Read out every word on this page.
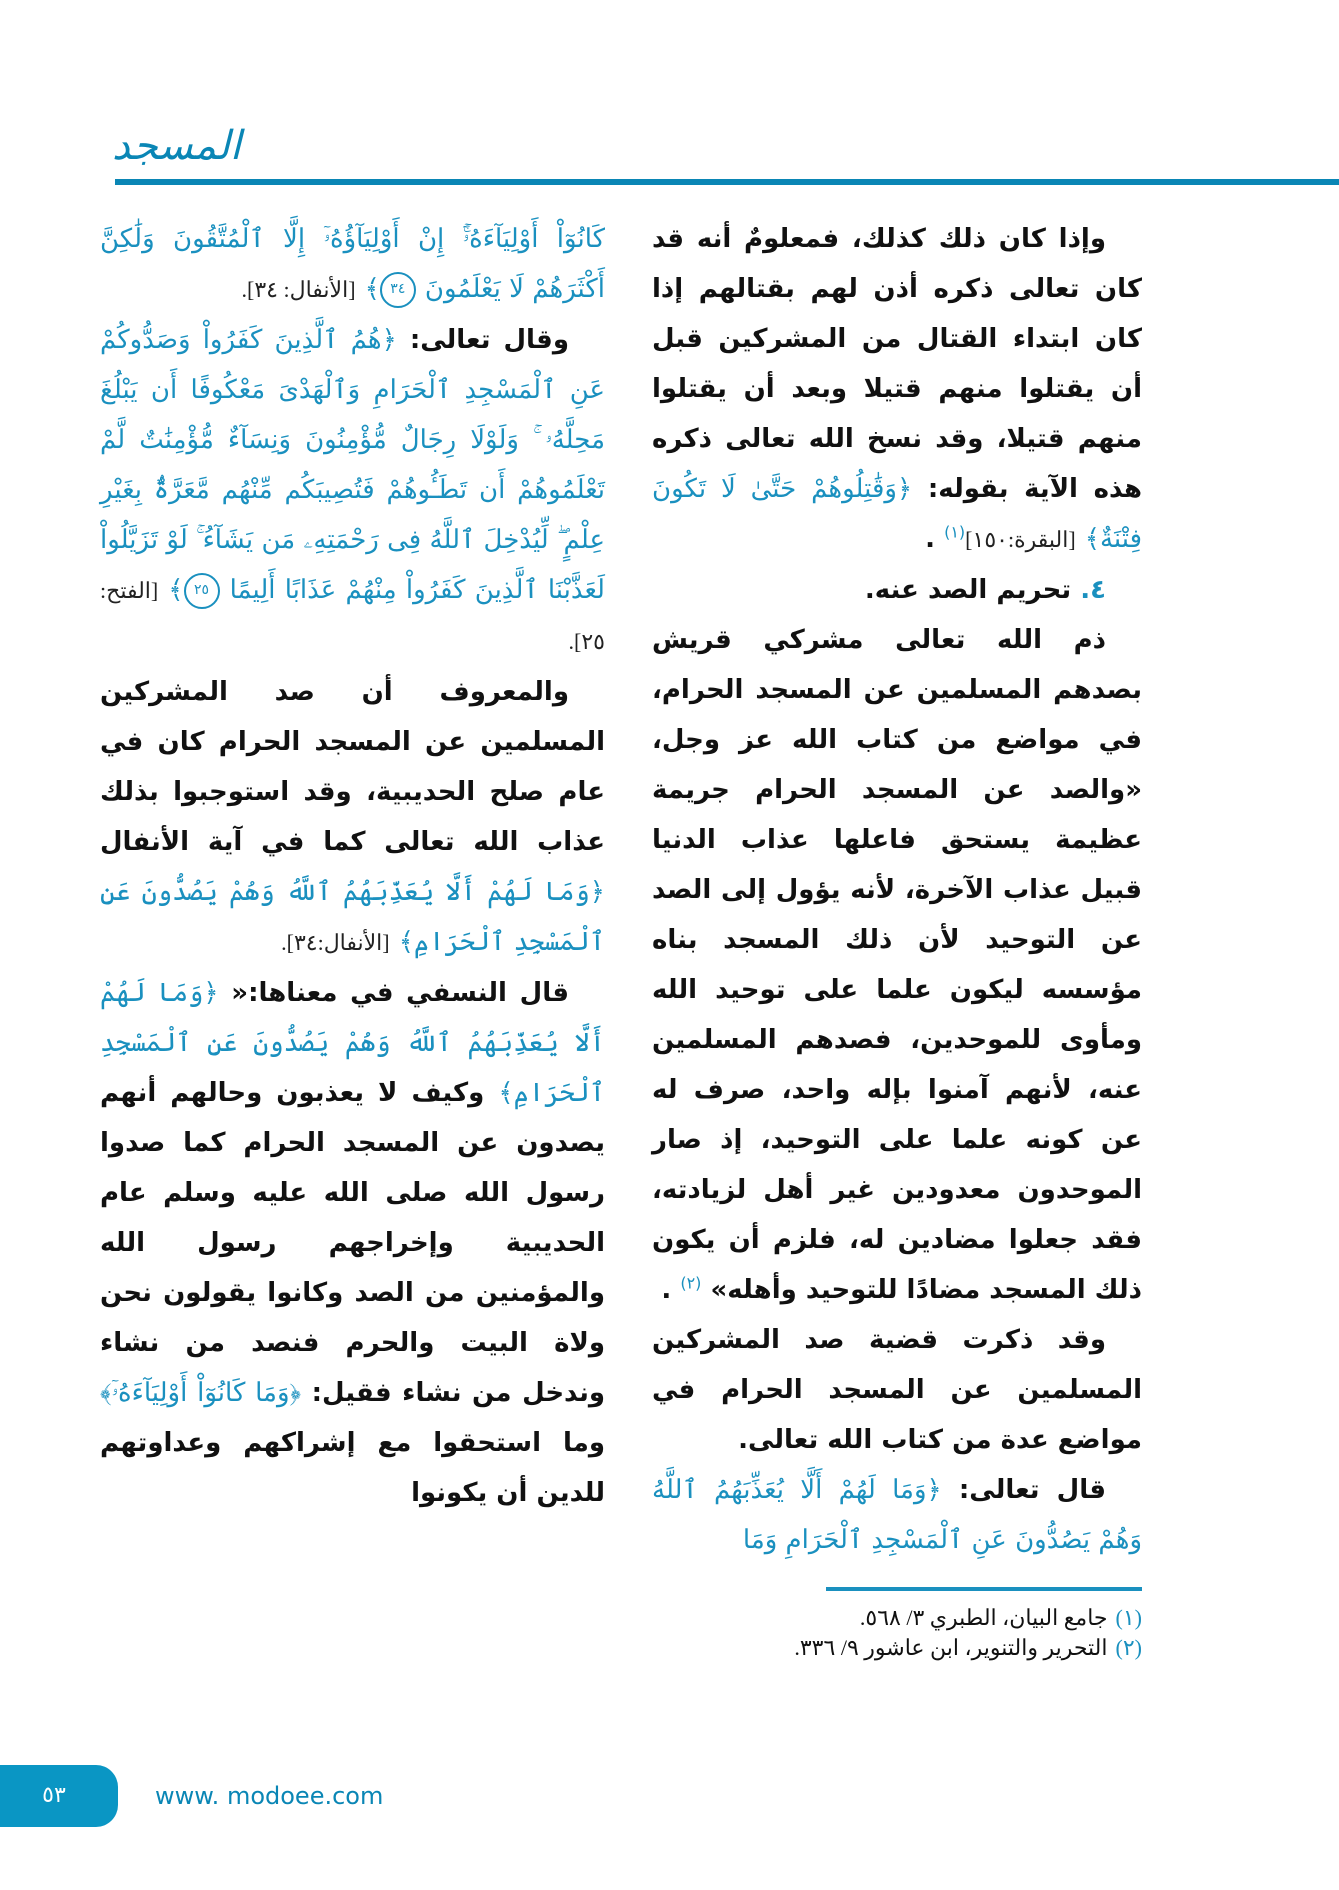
المسجد

وإذا كان ذلك كذلك، فمعلومٌ أنه قد كان تعالى ذكره أذن لهم بقتالهم إذا كان ابتداء القتال من المشركين قبل أن يقتلوا منهم قتيلا وبعد أن يقتلوا منهم قتيلا، وقد نسخ الله تعالى ذكره هذه الآية بقوله: ﴿وَقَٰتِلُوهُمْ حَتَّىٰ لَا تَكُونَ فِتْنَةٌ﴾ [البقرة:١٥٠]$^{(١)}$ .

٤. تحريم الصد عنه.

ذم الله تعالى مشركي قريش بصدهم المسلمين عن المسجد الحرام، في مواضع من كتاب الله عز وجل، «والصد عن المسجد الحرام جريمة عظيمة يستحق فاعلها عذاب الدنيا قبيل عذاب الآخرة، لأنه يؤول إلى الصد عن التوحيد لأن ذلك المسجد بناه مؤسسه ليكون علما على توحيد الله ومأوى للموحدين، فصدهم المسلمين عنه، لأنهم آمنوا بإله واحد، صرف له عن كونه علما على التوحيد، إذ صار الموحدون معدودين غير أهل لزيادته، فقد جعلوا مضادين له، فلزم أن يكون ذلك المسجد مضادًا للتوحيد وأهله» $^{(٢)}$ .

وقد ذكرت قضية صد المشركين المسلمين عن المسجد الحرام في مواضع عدة من كتاب الله تعالى.

قال تعالى: ﴿وَمَا لَهُمْ أَلَّا يُعَذِّبَهُمُ ٱللَّهُ وَهُمْ يَصُدُّونَ عَنِ ٱلْمَسْجِدِ ٱلْحَرَامِ وَمَا

(١)جامع البيان، الطبري ٣/ ٥٦٨.
(٢)التحرير والتنوير، ابن عاشور ٩/ ٣٣٦.

كَانُوٓاْ أَوْلِيَآءَهُۥٓۚ إِنْ أَوْلِيَآؤُهُۥٓ إِلَّا ٱلْمُتَّقُونَ وَلَٰكِنَّ أَكْثَرَهُمْ لَا يَعْلَمُونَ ٣٤﴾ [الأنفال: ٣٤].

وقال تعالى: ﴿هُمُ ٱلَّذِينَ كَفَرُواْ وَصَدُّوكُمْ عَنِ ٱلْمَسْجِدِ ٱلْحَرَامِ وَٱلْهَدْىَ مَعْكُوفًا أَن يَبْلُغَ مَحِلَّهُۥ ۚ وَلَوْلَا رِجَالٌ مُّؤْمِنُونَ وَنِسَآءٌ مُّؤْمِنَٰتٌ لَّمْ تَعْلَمُوهُمْ أَن تَطَـُٔوهُمْ فَتُصِيبَكُم مِّنْهُم مَّعَرَّةٌۢ بِغَيْرِ عِلْمٍ ۖ لِّيُدْخِلَ ٱللَّهُ فِى رَحْمَتِهِۦ مَن يَشَآءُ ۚ لَوْ تَزَيَّلُواْ لَعَذَّبْنَا ٱلَّذِينَ كَفَرُواْ مِنْهُمْ عَذَابًا أَلِيمًا ٢٥﴾ [الفتح: ٢٥].

والمعروف أن صد المشركين المسلمين عن المسجد الحرام كان في عام صلح الحديبية، وقد استوجبوا بذلك عذاب الله تعالى كما في آية الأنفال ﴿وَمَا لَهُمْ أَلَّا يُعَذِّبَهُمُ ٱللَّهُ وَهُمْ يَصُدُّونَ عَنِ ٱلْمَسْجِدِ ٱلْحَرَامِ﴾ [الأنفال:٣٤].

قال النسفي في معناها:« ﴿وَمَا لَهُمْ أَلَّا يُعَذِّبَهُمُ ٱللَّهُ وَهُمْ يَصُدُّونَ عَنِ ٱلْمَسْجِدِ ٱلْحَرَامِ﴾ وكيف لا يعذبون وحالهم أنهم يصدون عن المسجد الحرام كما صدوا رسول الله صلى الله عليه وسلم عام الحديبية وإخراجهم رسول الله والمؤمنين من الصد وكانوا يقولون نحن ولاة البيت والحرم فنصد من نشاء وندخل من نشاء فقيل: ﴿وَمَا كَانُوٓاْ أَوْلِيَآءَهُۥٓ﴾ وما استحقوا مع إشراكهم وعداوتهم للدين أن يكونوا

٥٣	www. modoee.com
